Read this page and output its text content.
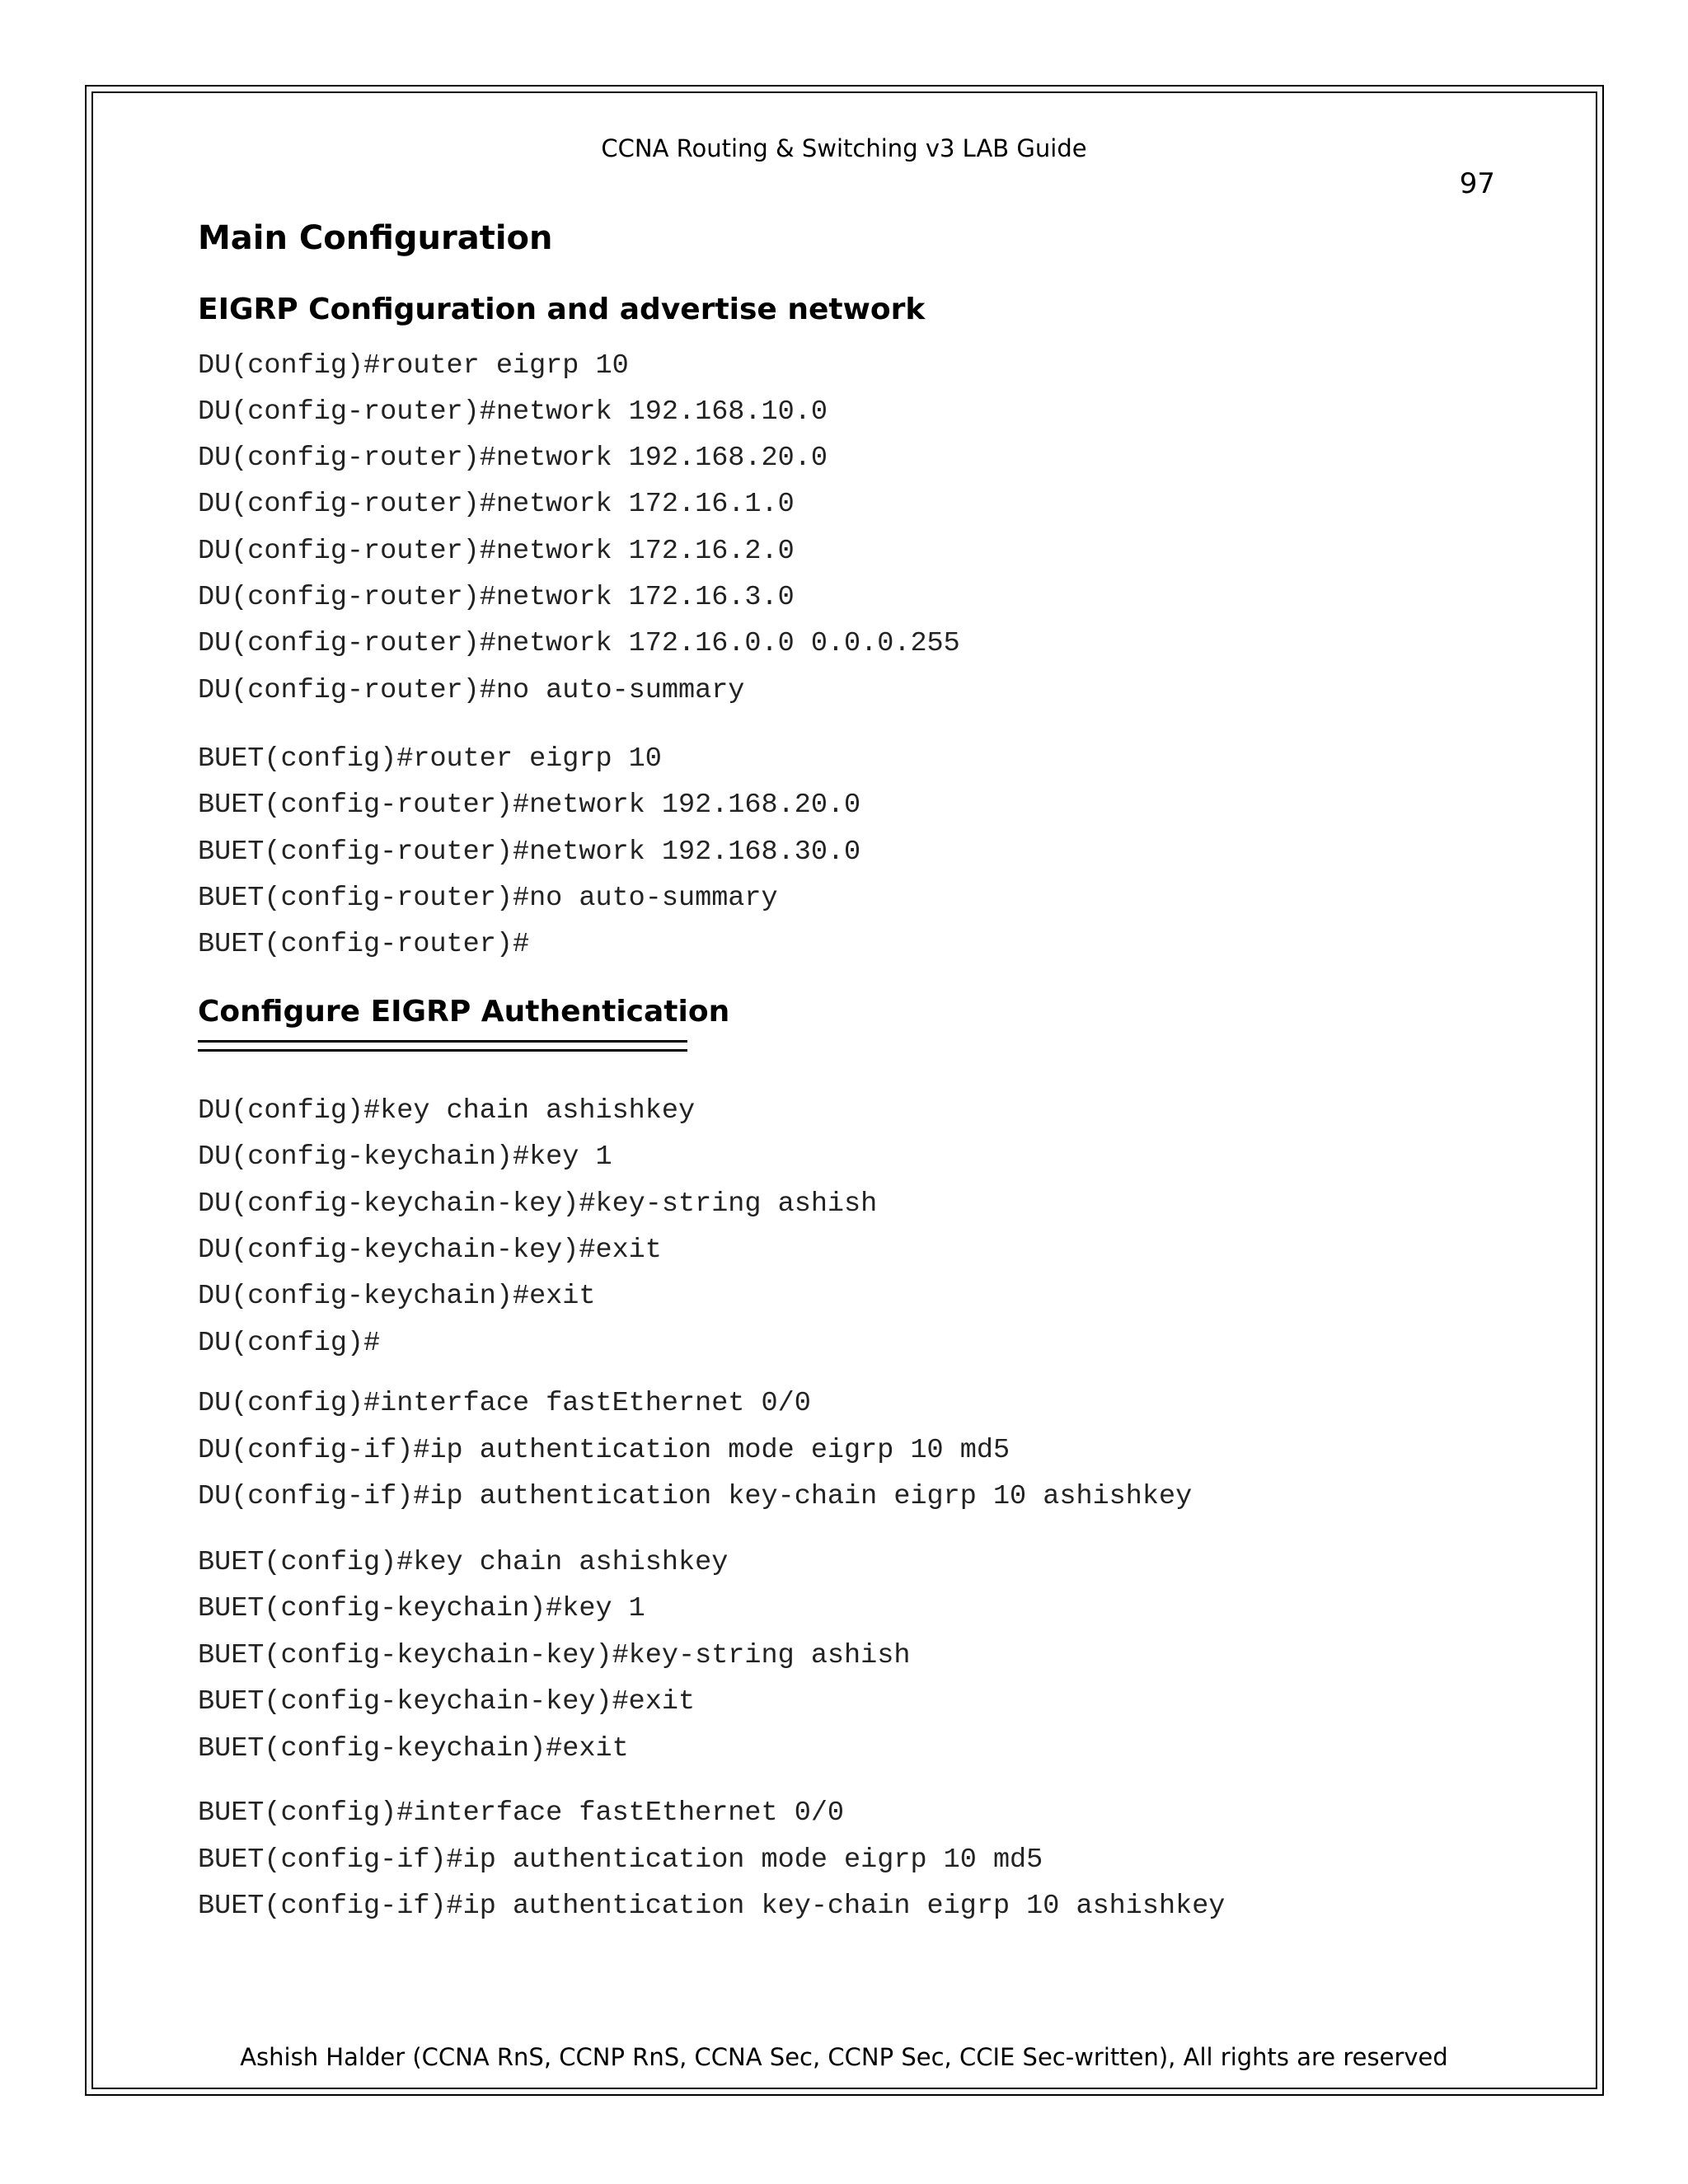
CCNA Routing & Switching v3 LAB Guide
97
Main Configuration
EIGRP Configuration and advertise network
DU(config)#router eigrp 10
DU(config-router)#network 192.168.10.0
DU(config-router)#network 192.168.20.0
DU(config-router)#network 172.16.1.0
DU(config-router)#network 172.16.2.0
DU(config-router)#network 172.16.3.0
DU(config-router)#network 172.16.0.0 0.0.0.255
DU(config-router)#no auto-summary
BUET(config)#router eigrp 10
BUET(config-router)#network 192.168.20.0
BUET(config-router)#network 192.168.30.0
BUET(config-router)#no auto-summary
BUET(config-router)#
Configure EIGRP Authentication
DU(config)#key chain ashishkey
DU(config-keychain)#key 1
DU(config-keychain-key)#key-string ashish
DU(config-keychain-key)#exit
DU(config-keychain)#exit
DU(config)#
DU(config)#interface fastEthernet 0/0
DU(config-if)#ip authentication mode eigrp 10 md5
DU(config-if)#ip authentication key-chain eigrp 10 ashishkey
BUET(config)#key chain ashishkey
BUET(config-keychain)#key 1
BUET(config-keychain-key)#key-string ashish
BUET(config-keychain-key)#exit
BUET(config-keychain)#exit
BUET(config)#interface fastEthernet 0/0
BUET(config-if)#ip authentication mode eigrp 10 md5
BUET(config-if)#ip authentication key-chain eigrp 10 ashishkey
Ashish Halder (CCNA RnS, CCNP RnS, CCNA Sec, CCNP Sec, CCIE Sec-written), All rights are reserved
